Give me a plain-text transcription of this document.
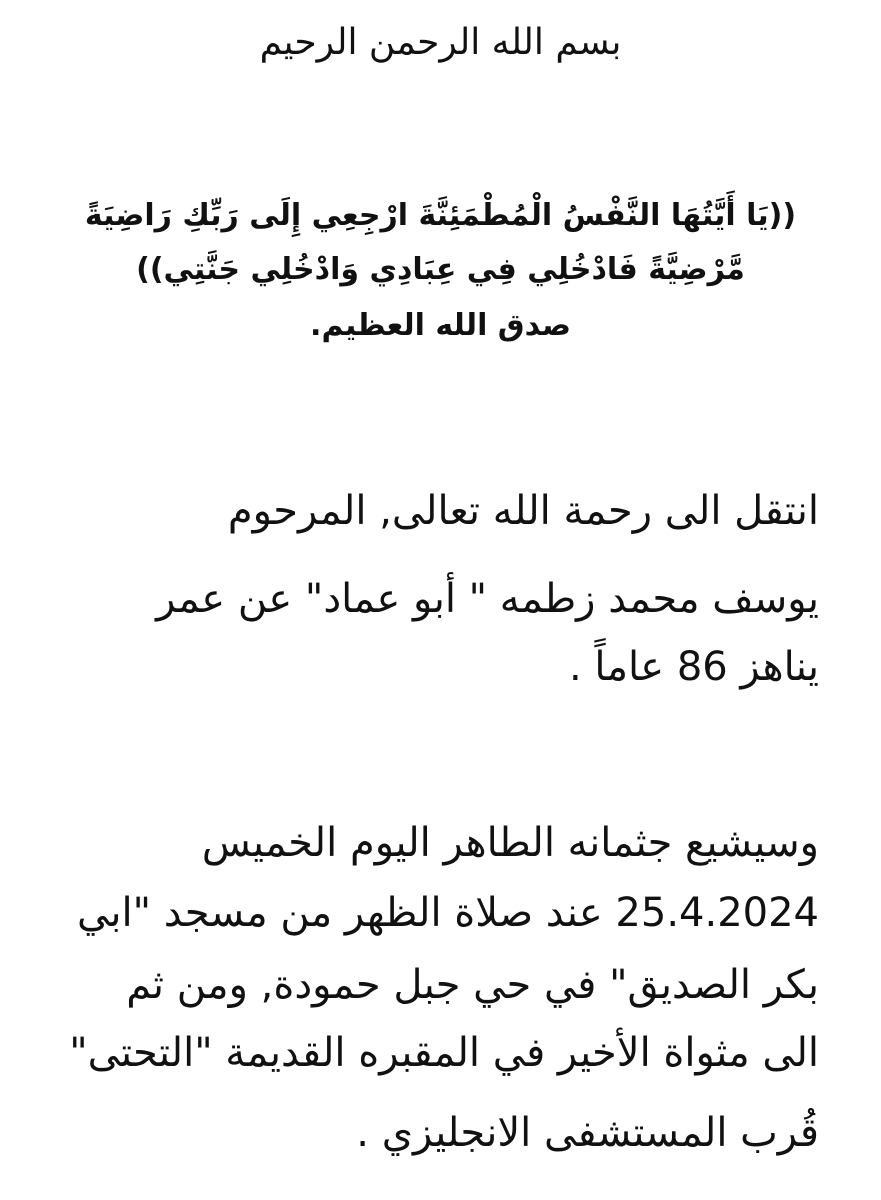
بسم الله الرحمن الرحيم
((يَا أَيَّتُهَا النَّفْسُ الْمُطْمَئِنَّةَ ارْجِعِي إِلَى رَبِّكِ رَاضِيَةً
مَّرْضِيَّةً فَادْخُلِي فِي عِبَادِي وَادْخُلِي جَنَّتِي))
صدق الله العظيم.
انتقل الى رحمة الله تعالى, المرحوم
يوسف محمد زطمه " أبو عماد" عن عمر
يناهز 86 عاماً .
وسيشيع جثمانه الطاهر اليوم الخميس
25.4.2024 عند صلاة الظهر من مسجد "ابي
بكر الصديق" في حي جبل حمودة, ومن ثم
الى مثواة الأخير في المقبره القديمة "التحتى"
قُرب المستشفى الانجليزي .
